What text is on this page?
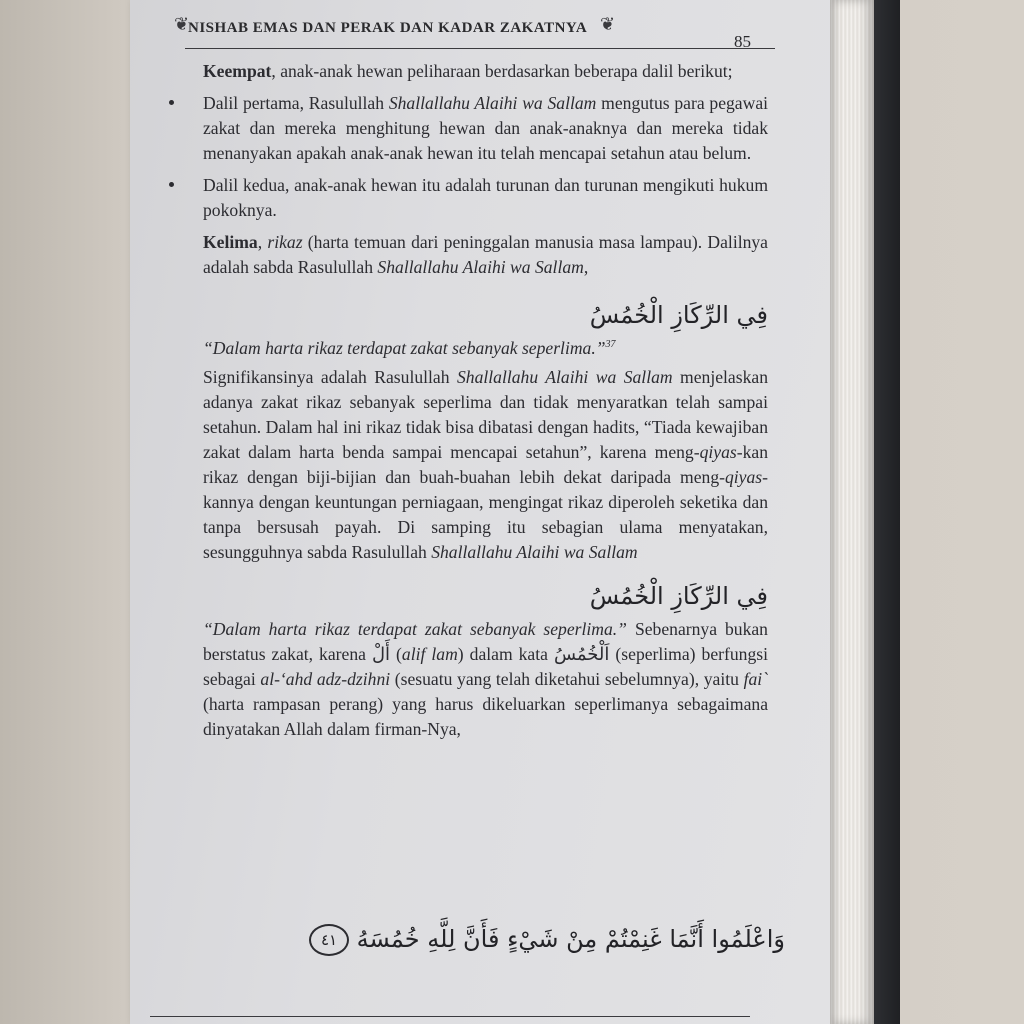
❦
NISHAB EMAS DAN PERAK DAN KADAR ZAKATNYA ❦
85

Keempat, anak-anak hewan peliharaan berdasarkan beberapa dalil berikut;

Dalil pertama, Rasulullah Shallallahu Alaihi wa Sallam mengutus para pegawai zakat dan mereka menghitung hewan dan anak-anaknya dan mereka tidak menanyakan apakah anak-anak hewan itu telah mencapai setahun atau belum.

Dalil kedua, anak-anak hewan itu adalah turunan dan turunan mengikuti hukum pokoknya.

Kelima, rikaz (harta temuan dari peninggalan manusia masa lampau). Dalilnya adalah sabda Rasulullah Shallallahu Alaihi wa Sallam,

فِي الرِّكَازِ الْخُمُسُ

“Dalam harta rikaz terdapat zakat sebanyak seperlima.”$^{37}$

Signifikansinya adalah Rasulullah Shallallahu Alaihi wa Sallam menjelaskan adanya zakat rikaz sebanyak seperlima dan tidak menyaratkan telah sampai setahun. Dalam hal ini rikaz tidak bisa dibatasi dengan hadits, “Tiada kewajiban zakat dalam harta benda sampai mencapai setahun”, karena meng-qiyas-kan rikaz dengan biji-bijian dan buah-buahan lebih dekat daripada meng-qiyas-kannya dengan keuntungan perniagaan, mengingat rikaz diperoleh seketika dan tanpa bersusah payah. Di samping itu sebagian ulama menyatakan, sesungguhnya sabda Rasulullah Shallallahu Alaihi wa Sallam

فِي الرِّكَازِ الْخُمُسُ

“Dalam harta rikaz terdapat zakat sebanyak seperlima.” Sebenarnya bukan berstatus zakat, karena أَلْ (alif lam) dalam kata اَلْخُمُسُ (seperlima) berfungsi sebagai al-‘ahd adz-dzihni (sesuatu yang telah diketahui sebelumnya), yaitu fai` (harta rampasan perang) yang harus dikeluarkan seperlimanya sebagaimana dinyatakan Allah dalam firman-Nya,

وَاعْلَمُوا أَنَّمَا غَنِمْتُمْ مِنْ شَيْءٍ فَأَنَّ لِلَّهِ خُمُسَهُ ٤١
